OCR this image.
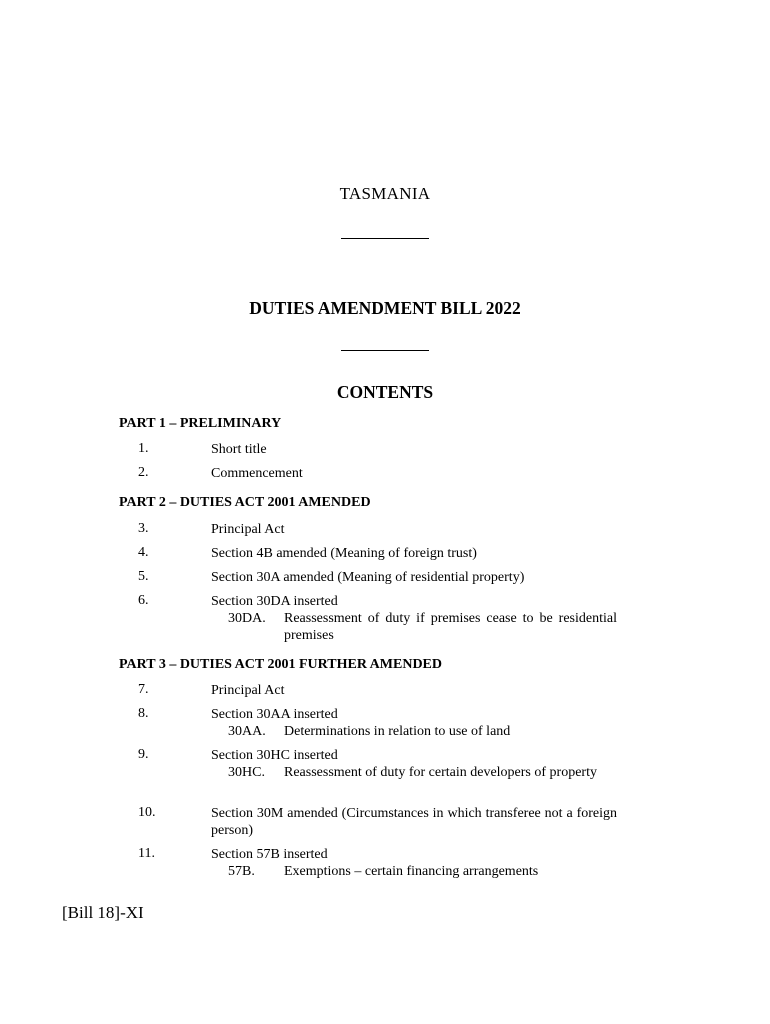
TASMANIA
DUTIES AMENDMENT BILL 2022
CONTENTS
PART 1 – PRELIMINARY
1.	Short title
2.	Commencement
PART 2 – DUTIES ACT 2001 AMENDED
3.	Principal Act
4.	Section 4B amended (Meaning of foreign trust)
5.	Section 30A amended (Meaning of residential property)
6.	Section 30DA inserted
30DA. Reassessment of duty if premises cease to be residential premises
PART 3 – DUTIES ACT 2001 FURTHER AMENDED
7.	Principal Act
8.	Section 30AA inserted
30AA. Determinations in relation to use of land
9.	Section 30HC inserted
30HC. Reassessment of duty for certain developers of property
10.	Section 30M amended (Circumstances in which transferee not a foreign person)
11.	Section 57B inserted
57B. Exemptions – certain financing arrangements
[Bill 18]-XI
